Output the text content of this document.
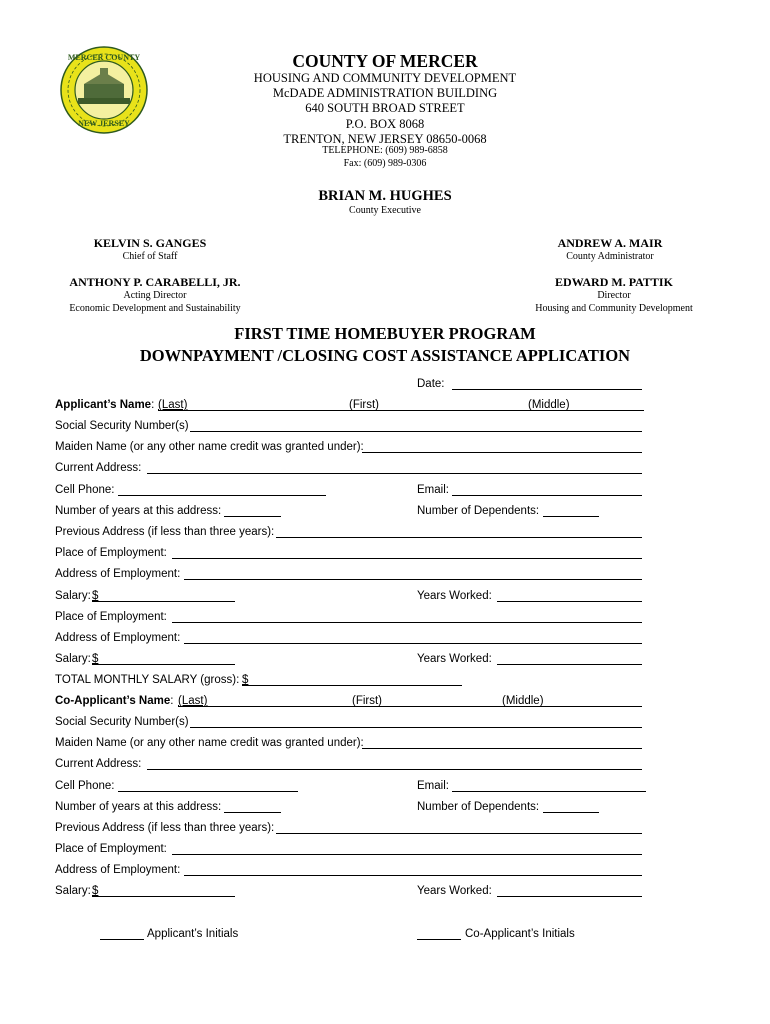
MERCER COUNTY
NEW JERSEY
COUNTY OF MERCER
HOUSING AND COMMUNITY DEVELOPMENT
McDADE ADMINISTRATION BUILDING
640 SOUTH BROAD STREET
P.O. BOX 8068
TRENTON, NEW JERSEY 08650-0068
TELEPHONE: (609) 989-6858
Fax: (609) 989-0306
BRIAN M. HUGHES
County Executive
KELVIN S. GANGES
Chief of Staff
ANDREW A. MAIR
County Administrator
ANTHONY P. CARABELLI, JR.
Acting Director
Economic Development and Sustainability
EDWARD M. PATTIK
Director
Housing and Community Development
FIRST TIME HOMEBUYER PROGRAM
DOWNPAYMENT /CLOSING COST ASSISTANCE APPLICATION
Date:
Applicant’s Name: (Last)	(First)	(Middle)
Social Security Number(s)
Maiden Name (or any other name credit was granted under):
Current Address:
Cell Phone:	Email:
Number of years at this address:	Number of Dependents:
Previous Address (if less than three years):
Place of Employment:
Address of Employment:
Salary: $	Years Worked:
Place of Employment:
Address of Employment:
Salary: $	Years Worked:
TOTAL MONTHLY SALARY (gross): $
Co-Applicant’s Name: (Last)	(First)	(Middle)
Social Security Number(s)
Maiden Name (or any other name credit was granted under):
Current Address:
Cell Phone:	Email:
Number of years at this address:	Number of Dependents:
Previous Address (if less than three years):
Place of Employment:
Address of Employment:
Salary: $	Years Worked:
Applicant’s Initials	Co-Applicant’s Initials
